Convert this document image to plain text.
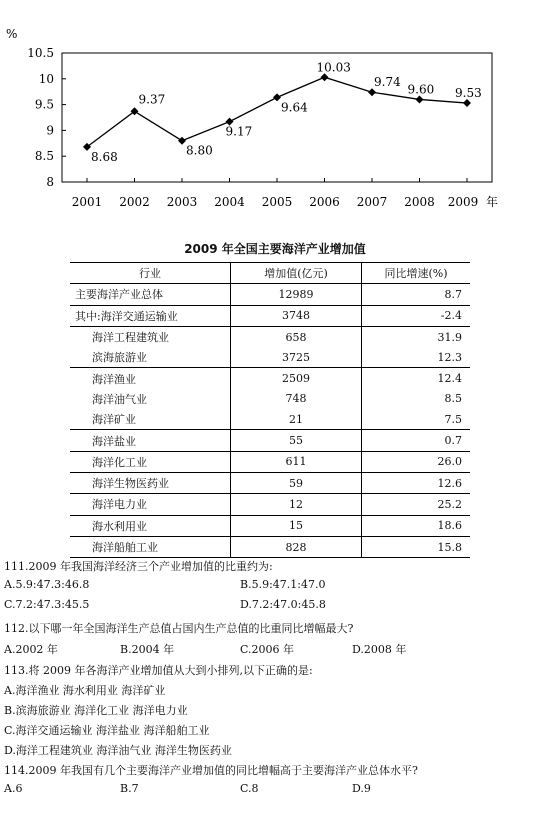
%
8
8.5
9
9.5
10
10.5
2001 2002 2003 2004 2005 2006 2007 2008 2009
8.68
9.37
8.80
9.17
9.64
10.03
9.74
9.60 9.53
年
2009 年全国主要海洋产业增加值
行业	增加值(亿元)	同比增速(%)
主要海洋产业总体	12989	8.7
其中:海洋交通运输业	3748	-2.4
海洋工程建筑业	658	31.9
滨海旅游业	3725	12.3
海洋渔业	2509	12.4
海洋油气业	748	8.5
海洋矿业	21	7.5
海洋盐业	55	0.7
海洋化工业	611	26.0
海洋生物医药业	59	12.6
海洋电力业	12	25.2
海水利用业	15	18.6
海洋船舶工业	828	15.8
111.2009 年我国海洋经济三个产业增加值的比重约为:
A.5.9:47.3:46.8	B.5.9:47.1:47.0
C.7.2:47.3:45.5	D.7.2:47.0:45.8
112.以下哪一年全国海洋生产总值占国内生产总值的比重同比增幅最大?
A.2002 年	B.2004 年	C.2006 年	D.2008 年
113.将 2009 年各海洋产业增加值从大到小排列,以下正确的是:
A.海洋渔业 海水利用业 海洋矿业
B.滨海旅游业 海洋化工业 海洋电力业
C.海洋交通运输业 海洋盐业 海洋船舶工业
D.海洋工程建筑业 海洋油气业 海洋生物医药业
114.2009 年我国有几个主要海洋产业增加值的同比增幅高于主要海洋产业总体水平?
A.6	B.7	C.8	D.9
